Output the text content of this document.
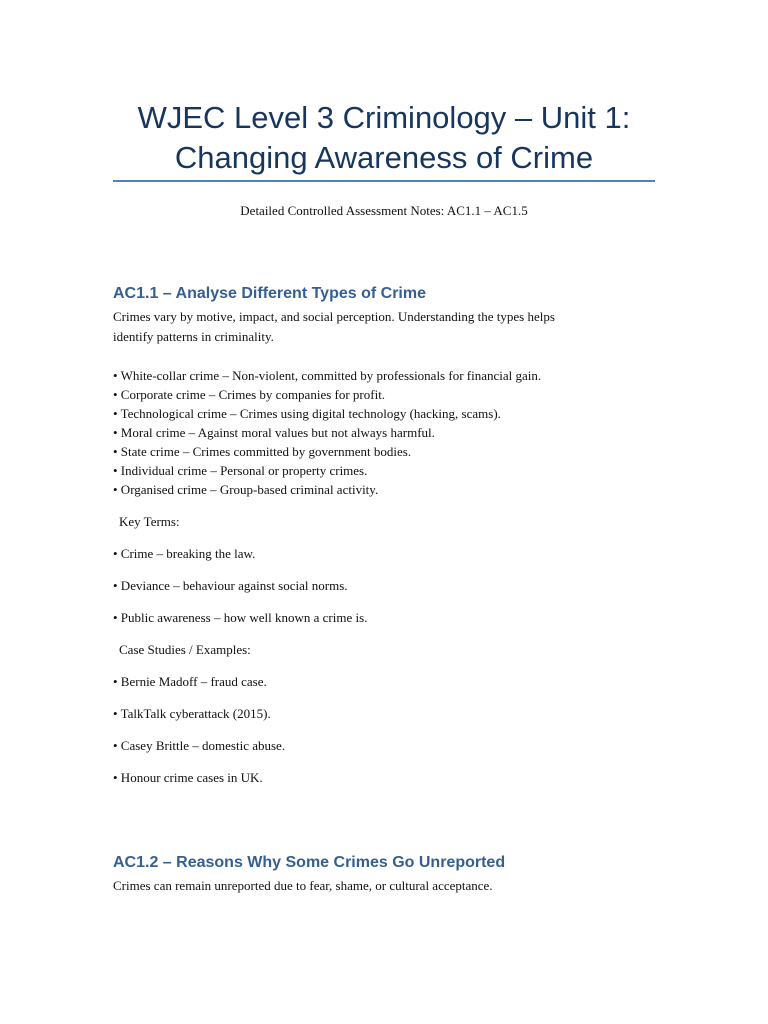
WJEC Level 3 Criminology – Unit 1:
Changing Awareness of Crime
Detailed Controlled Assessment Notes: AC1.1 – AC1.5
AC1.1 – Analyse Different Types of Crime

Crimes vary by motive, impact, and social perception. Understanding the types helps
identify patterns in criminality.

• White-collar crime – Non-violent, committed by professionals for financial gain.
• Corporate crime – Crimes by companies for profit.
• Technological crime – Crimes using digital technology (hacking, scams).
• Moral crime – Against moral values but not always harmful.
• State crime – Crimes committed by government bodies.
• Individual crime – Personal or property crimes.
• Organised crime – Group-based criminal activity.

Key Terms:

• Crime – breaking the law.

• Deviance – behaviour against social norms.

• Public awareness – how well known a crime is.

Case Studies / Examples:

• Bernie Madoff – fraud case.

• TalkTalk cyberattack (2015).

• Casey Brittle – domestic abuse.

• Honour crime cases in UK.

AC1.2 – Reasons Why Some Crimes Go Unreported

Crimes can remain unreported due to fear, shame, or cultural acceptance.
